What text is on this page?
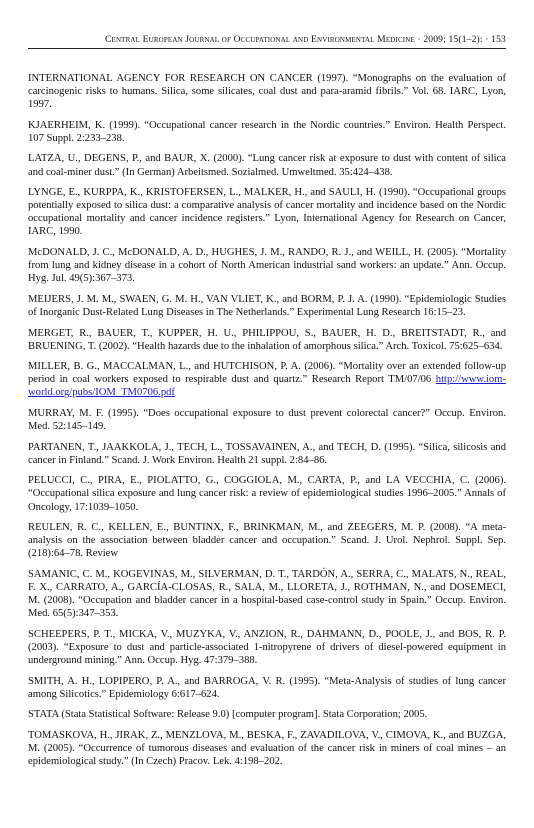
Central European Journal of Occupational and Environmental Medicine · 2009; 15(1–2): · 153
INTERNATIONAL AGENCY FOR RESEARCH ON CANCER (1997). “Monographs on the evaluation of carcinogenic risks to humans. Silica, some silicates, coal dust and para-aramid fibrils.” Vol. 68. IARC, Lyon, 1997.
KJAERHEIM, K. (1999). “Occupational cancer research in the Nordic countries.” Environ. Health Perspect. 107 Suppl. 2:233–238.
LATZA, U., DEGENS, P., and BAUR, X. (2000). “Lung cancer risk at exposure to dust with content of silica and coal-miner dust.” (In German) Arbeitsmed. Sozialmed. Umweltmed. 35:424–438.
LYNGE, E., KURPPA, K., KRISTOFERSEN, L., MALKER, H., and SAULI, H. (1990). “Occupational groups potentially exposed to silica dust: a comparative analysis of cancer mortality and incidence based on the Nordic occupational mortality and cancer incidence registers.” Lyon, International Agency for Research on Cancer, IARC, 1990.
McDONALD, J. C., McDONALD, A. D., HUGHES, J. M., RANDO, R. J., and WEILL, H. (2005). “Mortality from lung and kidney disease in a cohort of North American industrial sand workers: an update.” Ann. Occup. Hyg. Jul. 49(5):367–373.
MEIJERS, J. M. M., SWAEN, G. M. H., VAN VLIET, K., and BORM, P. J. A. (1990). “Epidemiologic Studies of Inorganic Dust-Related Lung Diseases in The Netherlands.” Experimental Lung Research 16:15–23.
MERGET, R., BAUER, T., KUPPER, H. U., PHILIPPOU, S., BAUER, H. D., BREITSTADT, R., and BRUENING, T. (2002). “Health hazards due to the inhalation of amorphous silica.” Arch. Toxicol. 75:625–634.
MILLER, B. G., MACCALMAN, L., and HUTCHISON, P. A. (2006). “Mortality over an extended follow-up period in coal workers exposed to respirable dust and quartz.” Research Report TM/07/06 http://www.iom-world.org/pubs/IOM_TM0706.pdf
MURRAY, M. F. (1995). “Does occupational exposure to dust prevent colorectal cancer?” Occup. Environ. Med. 52:145–149.
PARTANEN, T., JAAKKOLA, J., TECH, L., TOSSAVAINEN, A., and TECH, D. (1995). “Silica, silicosis and cancer in Finland.” Scand. J. Work Environ. Health 21 suppl. 2:84–86.
PELUCCI, C., PIRA, E., PIOLATTO, G., COGGIOLA, M., CARTA, P., and LA VECCHIA, C. (2006). “Occupational silica exposure and lung cancer risk: a review of epidemiological studies 1996–2005.” Annals of Oncology, 17:1039–1050.
REULEN, R. C., KELLEN, E., BUNTINX, F., BRINKMAN, M., and ZEEGERS, M. P. (2008). “A meta-analysis on the association between bladder cancer and occupation.” Scand. J. Urol. Nephrol. Suppl. Sep. (218):64–78. Review
SAMANIC, C. M., KOGEVINAS, M., SILVERMAN, D. T., TARDÓN, A., SERRA, C., MALATS, N., REAL, F. X., CARRATO, A., GARCÍA-CLOSAS, R., SALA, M., LLORETA, J., ROTHMAN, N., and DOSEMECI, M. (2008). “Occupation and bladder cancer in a hospital-based case-control study in Spain.” Occup. Environ. Med. 65(5):347–353.
SCHEEPERS, P. T., MICKA, V., MUZYKA, V., ANZION, R., DAHMANN, D., POOLE, J., and BOS, R. P. (2003). “Exposure to dust and particle-associated 1-nitropyrene of drivers of diesel-powered equipment in underground mining.” Ann. Occup. Hyg. 47:379–388.
SMITH, A. H., LOPIPERO, P. A., and BARROGA, V. R. (1995). “Meta-Analysis of studies of lung cancer among Silicotics.” Epidemiology 6:617–624.
STATA (Stata Statistical Software: Release 9.0) [computer program]. Stata Corporation; 2005.
TOMASKOVA, H., JIRAK, Z., MENZLOVA, M., BESKA, F., ZAVADILOVA, V., CIMOVA, K., and BUZGA, M. (2005). “Occurrence of tumorous diseases and evaluation of the cancer risk in miners of coal mines – an epidemiological study.” (In Czech) Pracov. Lek. 4:198–202.
